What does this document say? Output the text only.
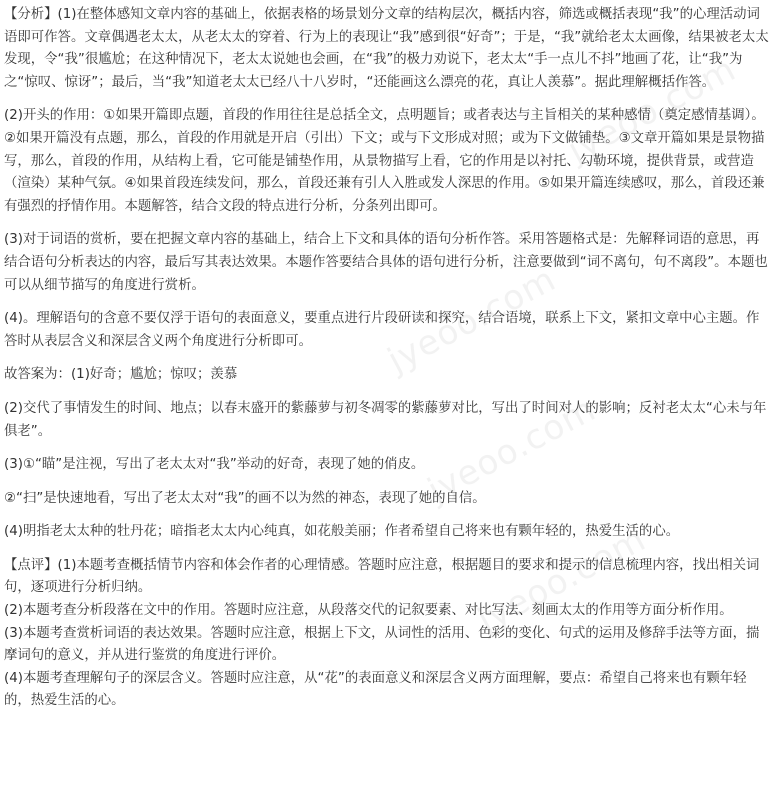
jyeoo.com
jyeoo.com
jyeoo.com
jyeoo.com

【分析】(1)在整体感知文章内容的基础上，依据表格的场景划分文章的结构层次，概括内容，筛选或概括表现“我”的心理活动词语即可作答。文章偶遇老太太，从老太太的穿着、行为上的表现让“我”感到很“好奇”；于是，“我”就给老太太画像，结果被老太太发现，令“我”很尴尬；在这种情况下，老太太说她也会画，在“我”的极力劝说下，老太太“手一点儿不抖”地画了花，让“我”为之“惊叹、惊讶”；最后，当“我”知道老太太已经八十八岁时，“还能画这么漂亮的花，真让人羡慕”。据此理解概括作答。

(2)开头的作用：①如果开篇即点题，首段的作用往往是总括全文，点明题旨；或者表达与主旨相关的某种感情（奠定感情基调）。②如果开篇没有点题，那么，首段的作用就是开启（引出）下文；或与下文形成对照；或为下文做铺垫。③文章开篇如果是景物描写，那么，首段的作用，从结构上看，它可能是铺垫作用，从景物描写上看，它的作用是以衬托、勾勒环境，提供背景，或营造（渲染）某种气氛。④如果首段连续发问，那么，首段还兼有引人入胜或发人深思的作用。⑤如果开篇连续感叹，那么，首段还兼有强烈的抒情作用。本题解答，结合文段的特点进行分析，分条列出即可。

(3)对于词语的赏析，要在把握文章内容的基础上，结合上下文和具体的语句分析作答。采用答题格式是：先解释词语的意思，再结合语句分析表达的内容，最后写其表达效果。本题作答要结合具体的语句进行分析，注意要做到“词不离句，句不离段”。本题也可以从细节描写的角度进行赏析。

(4)。理解语句的含意不要仅浮于语句的表面意义，要重点进行片段研读和探究，结合语境，联系上下文，紧扣文章中心主题。作答时从表层含义和深层含义两个角度进行分析即可。

故答案为：(1)好奇；尴尬；惊叹；羡慕

(2)交代了事情发生的时间、地点；以春末盛开的紫藤萝与初冬凋零的紫藤萝对比，写出了时间对人的影响；反衬老太太“心未与年俱老”。

(3)①“瞄”是注视，写出了老太太对“我”举动的好奇，表现了她的俏皮。

②“扫”是快速地看，写出了老太太对“我”的画不以为然的神态，表现了她的自信。

(4)明指老太太种的牡丹花；暗指老太太内心纯真，如花般美丽；作者希望自己将来也有颗年轻的，热爱生活的心。

【点评】(1)本题考查概括情节内容和体会作者的心理情感。答题时应注意，根据题目的要求和提示的信息梳理内容，找出相关词句，逐项进行分析归纳。

(2)本题考查分析段落在文中的作用。答题时应注意，从段落交代的记叙要素、对比写法、刻画太太的作用等方面分析作用。

(3)本题考查赏析词语的表达效果。答题时应注意，根据上下文，从词性的活用、色彩的变化、句式的运用及修辞手法等方面，揣摩词句的意义，并从进行鉴赏的角度进行评价。

(4)本题考查理解句子的深层含义。答题时应注意，从“花”的表面意义和深层含义两方面理解，要点：希望自己将来也有颗年轻的，热爱生活的心。
